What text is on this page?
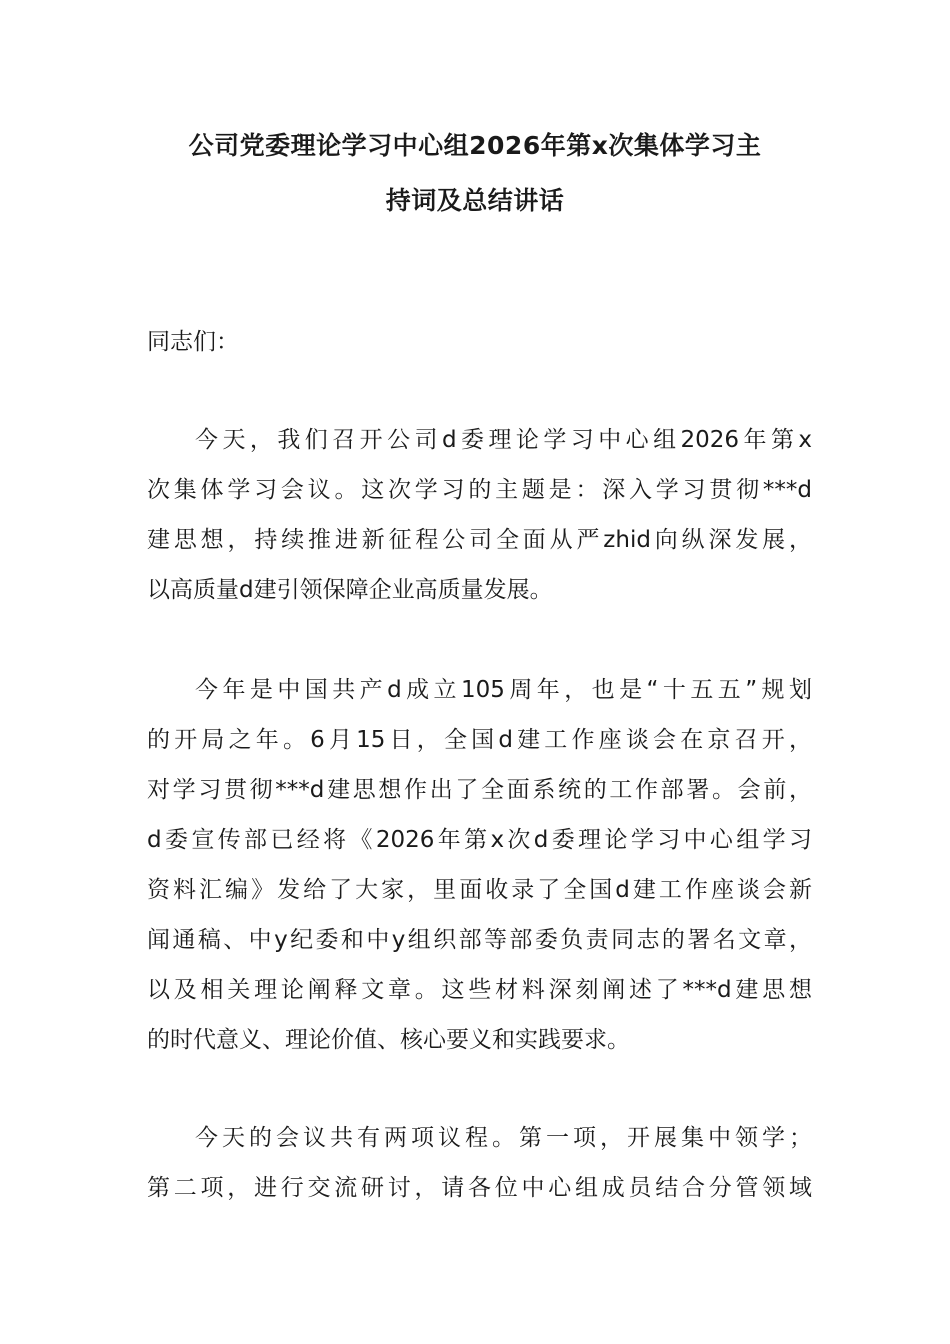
公司党委理论学习中心组2026年第x次集体学习主
持词及总结讲话

同志们：

今天，我们召开公司d委理论学习中心组2026年第x
次集体学习会议。这次学习的主题是：深入学习贯彻***d
建思想，持续推进新征程公司全面从严zhid向纵深发展，
以高质量d建引领保障企业高质量发展。
今年是中国共产d成立105周年，也是“十五五”规划
的开局之年。6月15日，全国d建工作座谈会在京召开，
对学习贯彻***d建思想作出了全面系统的工作部署。会前，
d委宣传部已经将《2026年第x次d委理论学习中心组学习
资料汇编》发给了大家，里面收录了全国d建工作座谈会新
闻通稿、中y纪委和中y组织部等部委负责同志的署名文章，
以及相关理论阐释文章。这些材料深刻阐述了***d建思想
的时代意义、理论价值、核心要义和实践要求。
今天的会议共有两项议程。第一项，开展集中领学；
第二项，进行交流研讨，请各位中心组成员结合分管领域
